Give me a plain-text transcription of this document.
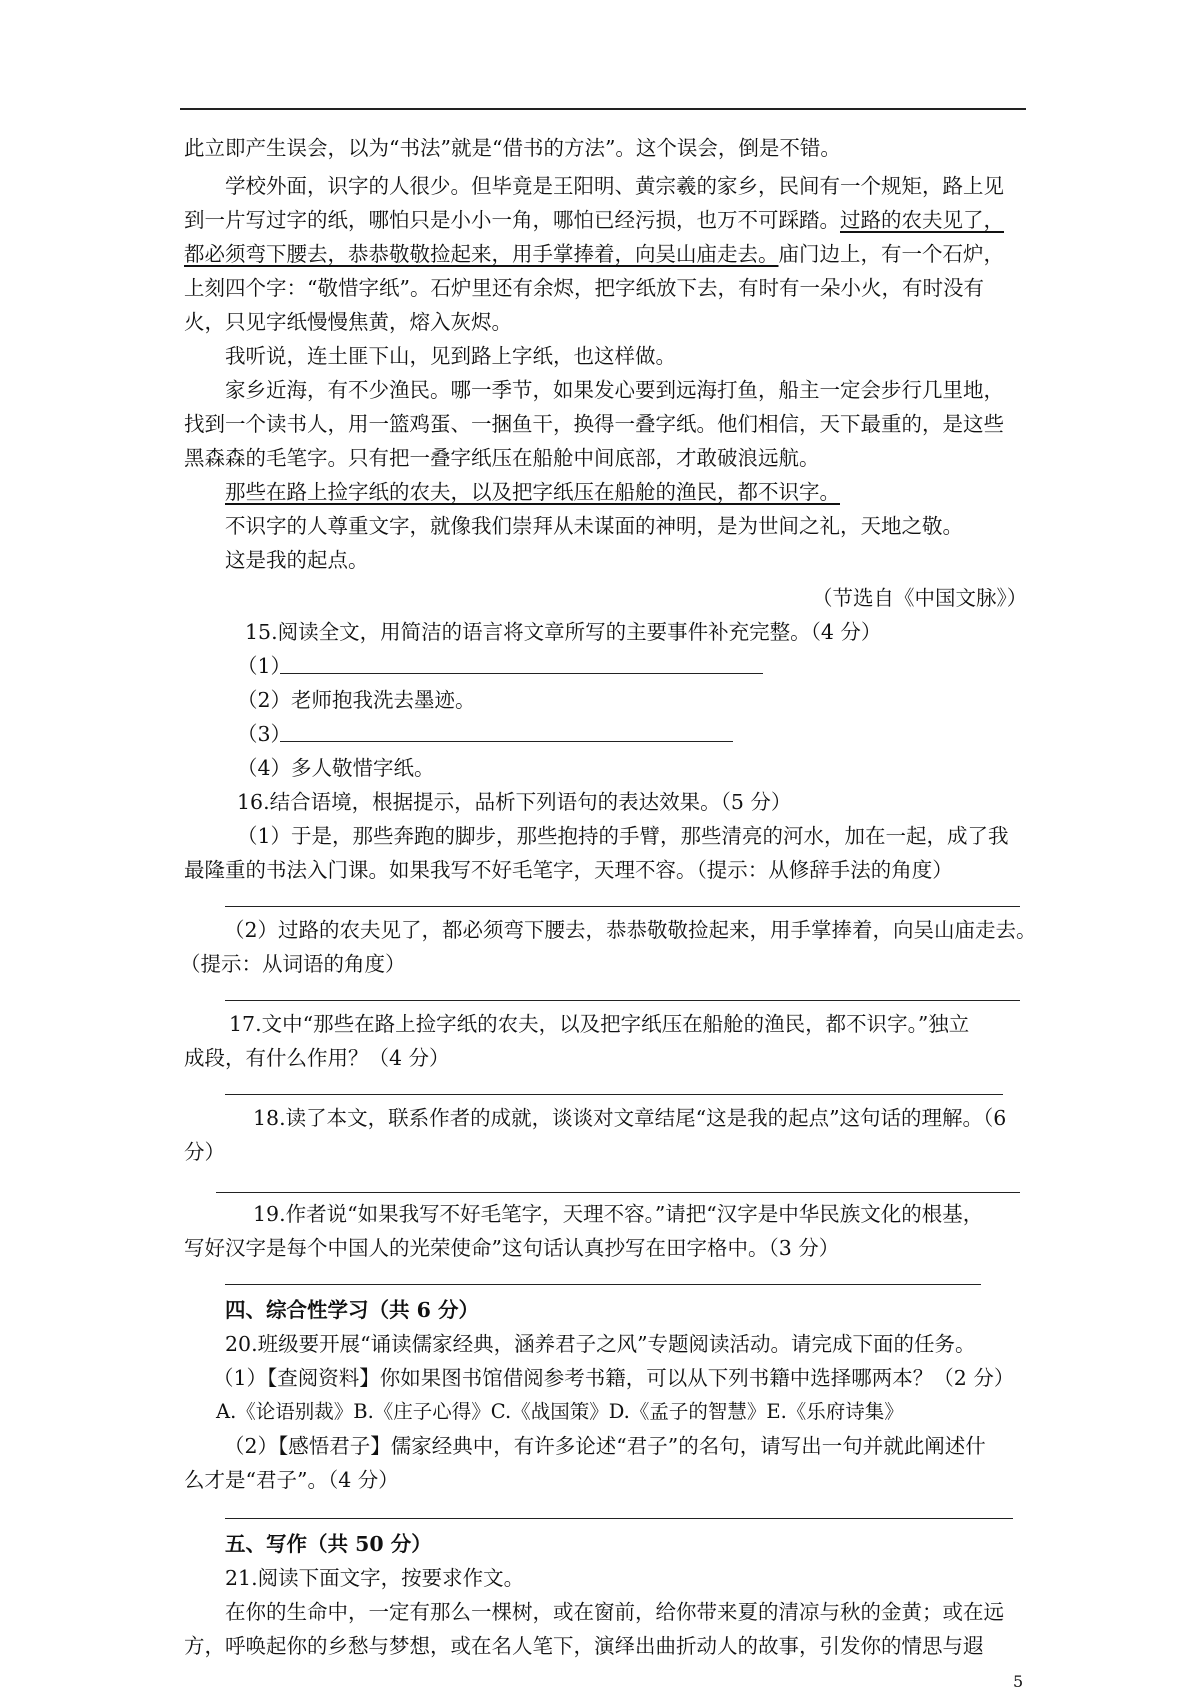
此立即产生误会，以为“书法”就是“借书的方法”。这个误会，倒是不错。
学校外面，识字的人很少。但毕竟是王阳明、黄宗羲的家乡，民间有一个规矩，路上见
到一片写过字的纸，哪怕只是小小一角，哪怕已经污损，也万不可踩踏。过路的农夫见了，
都必须弯下腰去，恭恭敬敬捡起来，用手掌捧着，向吴山庙走去。庙门边上，有一个石炉，
上刻四个字：“敬惜字纸”。石炉里还有余烬，把字纸放下去，有时有一朵小火，有时没有
火，只见字纸慢慢焦黄，熔入灰烬。
我听说，连土匪下山，见到路上字纸，也这样做。
家乡近海，有不少渔民。哪一季节，如果发心要到远海打鱼，船主一定会步行几里地，
找到一个读书人，用一篮鸡蛋、一捆鱼干，换得一叠字纸。他们相信，天下最重的，是这些
黑森森的毛笔字。只有把一叠字纸压在船舱中间底部，才敢破浪远航。
那些在路上捡字纸的农夫，以及把字纸压在船舱的渔民，都不识字。
不识字的人尊重文字，就像我们崇拜从未谋面的神明，是为世间之礼，天地之敬。
这是我的起点。
（节选自《中国文脉》）
15.阅读全文，用简洁的语言将文章所写的主要事件补充完整。（4 分）
（1）
（2）老师抱我洗去墨迹。
（3）
（4）多人敬惜字纸。
16.结合语境，根据提示，品析下列语句的表达效果。（5 分）
（1）于是，那些奔跑的脚步，那些抱持的手臂，那些清亮的河水，加在一起，成了我
最隆重的书法入门课。如果我写不好毛笔字，天理不容。（提示：从修辞手法的角度）
（2）过路的农夫见了，都必须弯下腰去，恭恭敬敬捡起来，用手掌捧着，向吴山庙走去。
（提示：从词语的角度）
17.文中“那些在路上捡字纸的农夫，以及把字纸压在船舱的渔民，都不识字。”独立
成段，有什么作用？（4 分）
18.读了本文，联系作者的成就，谈谈对文章结尾“这是我的起点”这句话的理解。（6
分）
19.作者说“如果我写不好毛笔字，天理不容。”请把“汉字是中华民族文化的根基，
写好汉字是每个中国人的光荣使命”这句话认真抄写在田字格中。（3 分）
四、综合性学习（共 6 分）
20.班级要开展“诵读儒家经典，涵养君子之风”专题阅读活动。请完成下面的任务。
（1）【查阅资料】你如果图书馆借阅参考书籍，可以从下列书籍中选择哪两本？（2 分）
A.《论语别裁》B.《庄子心得》C.《战国策》D.《孟子的智慧》E.《乐府诗集》
（2）【感悟君子】儒家经典中，有许多论述“君子”的名句，请写出一句并就此阐述什
么才是“君子”。（4 分）
五、写作（共 50 分）
21.阅读下面文字，按要求作文。
在你的生命中，一定有那么一棵树，或在窗前，给你带来夏的清凉与秋的金黄；或在远
方，呼唤起你的乡愁与梦想，或在名人笔下，演绎出曲折动人的故事，引发你的情思与遐
5
